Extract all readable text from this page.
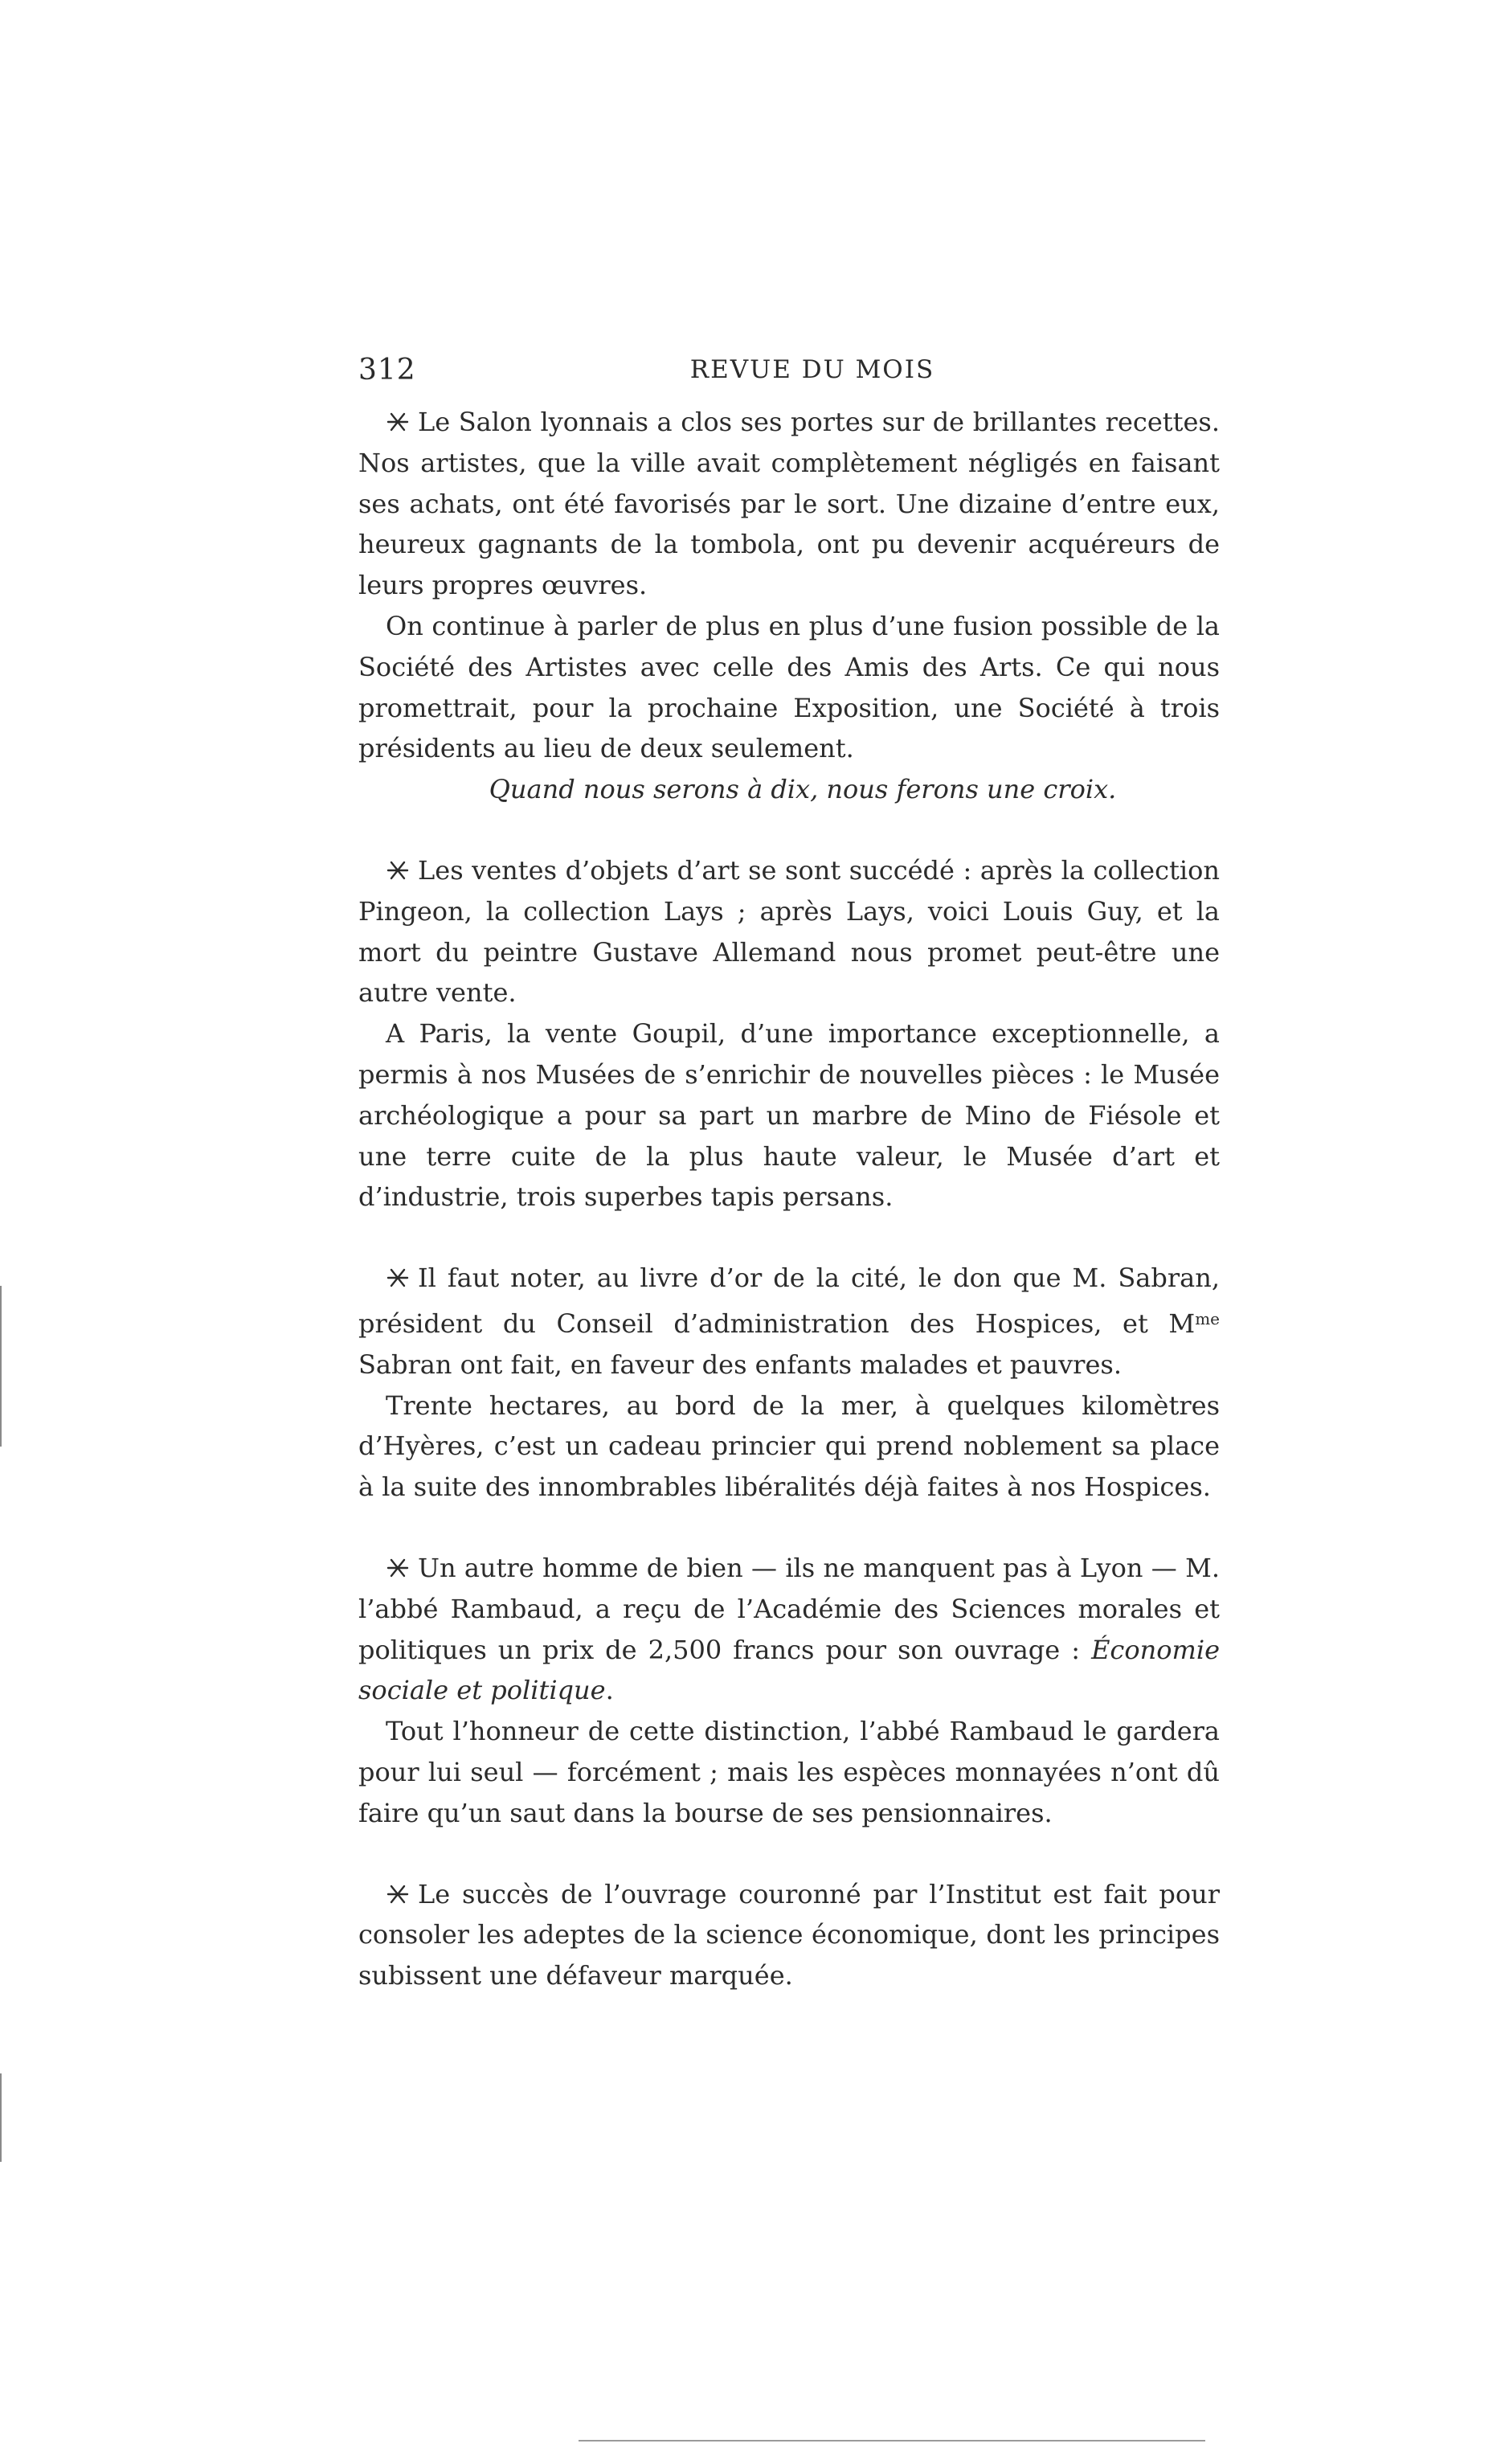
312	REVUE DU MOIS

Le Salon lyonnais a clos ses portes sur de brillantes recettes. Nos artistes, que la ville avait complètement négligés en faisant ses achats, ont été favorisés par le sort. Une dizaine d’entre eux, heureux gagnants de la tombola, ont pu devenir acquéreurs de leurs propres œuvres.

On continue à parler de plus en plus d’une fusion possible de la Société des Artistes avec celle des Amis des Arts. Ce qui nous promettrait, pour la prochaine Exposition, une Société à trois présidents au lieu de deux seulement.

Quand nous serons à dix, nous ferons une croix.

Les ventes d’objets d’art se sont succédé : après la collection Pingeon, la collection Lays ; après Lays, voici Louis Guy, et la mort du peintre Gustave Allemand nous promet peut-être une autre vente.

A Paris, la vente Goupil, d’une importance exceptionnelle, a permis à nos Musées de s’enrichir de nouvelles pièces : le Musée archéologique a pour sa part un marbre de Mino de Fiésole et une terre cuite de la plus haute valeur, le Musée d’art et d’industrie, trois superbes tapis persans.

Il faut noter, au livre d’or de la cité, le don que M. Sabran, président du Conseil d’administration des Hospices, et $M^{me}$ Sabran ont fait, en faveur des enfants malades et pauvres.

Trente hectares, au bord de la mer, à quelques kilomètres d’Hyères, c’est un cadeau princier qui prend noblement sa place à la suite des innombrables libéralités déjà faites à nos Hospices.

Un autre homme de bien — ils ne manquent pas à Lyon — M. l’abbé Rambaud, a reçu de l’Académie des Sciences morales et politiques un prix de 2,500 francs pour son ouvrage : Économie sociale et politique.

Tout l’honneur de cette distinction, l’abbé Rambaud le gardera pour lui seul — forcément ; mais les espèces monnayées n’ont dû faire qu’un saut dans la bourse de ses pensionnaires.

Le succès de l’ouvrage couronné par l’Institut est fait pour consoler les adeptes de la science économique, dont les principes subissent une défaveur marquée.
